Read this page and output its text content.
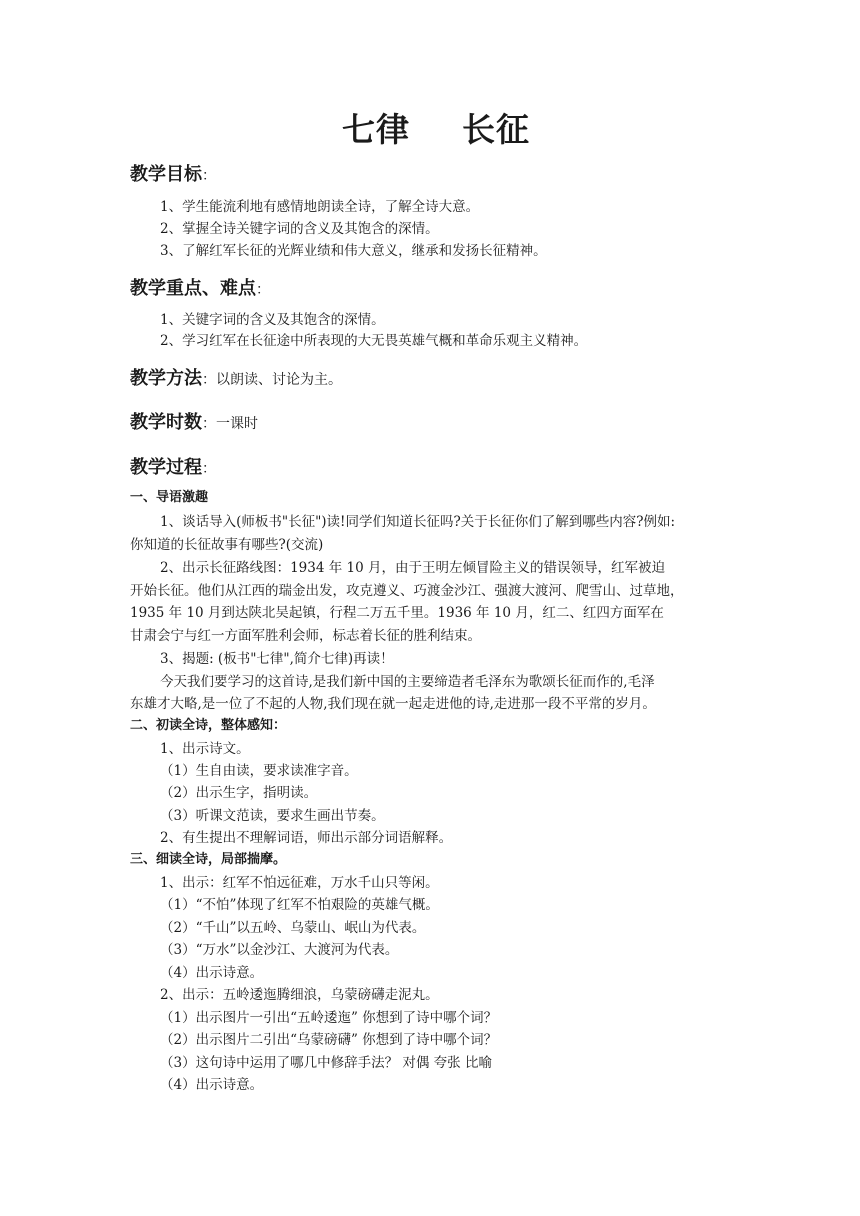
七律 长征
教学目标：
1、学生能流利地有感情地朗读全诗，了解全诗大意。
2、掌握全诗关键字词的含义及其饱含的深情。
3、了解红军长征的光辉业绩和伟大意义，继承和发扬长征精神。
教学重点、难点：
1、关键字词的含义及其饱含的深情。
2、学习红军在长征途中所表现的大无畏英雄气概和革命乐观主义精神。
教学方法：以朗读、讨论为主。
教学时数：一课时
教学过程：
一、导语激趣
1、谈话导入(师板书"长征")读!同学们知道长征吗?关于长征你们了解到哪些内容?例如:
你知道的长征故事有哪些?(交流)
2、出示长征路线图：1934 年 10 月，由于王明左倾冒险主义的错误领导，红军被迫
开始长征。他们从江西的瑞金出发，攻克遵义、巧渡金沙江、强渡大渡河、爬雪山、过草地，
1935 年 10 月到达陕北吴起镇，行程二万五千里。1936 年 10 月，红二、红四方面军在
甘肃会宁与红一方面军胜利会师，标志着长征的胜利结束。
3、揭题: (板书"七律",简介七律)再读！
今天我们要学习的这首诗,是我们新中国的主要缔造者毛泽东为歌颂长征而作的,毛泽
东雄才大略,是一位了不起的人物,我们现在就一起走进他的诗,走进那一段不平常的岁月。
二、初读全诗，整体感知：
1、出示诗文。
（1）生自由读，要求读准字音。
（2）出示生字，指明读。
（3）听课文范读，要求生画出节奏。
2、有生提出不理解词语，师出示部分词语解释。
三、细读全诗，局部揣摩。
1、出示：红军不怕远征难，万水千山只等闲。
（1）“不怕”体现了红军不怕艰险的英雄气概。
（2）“千山”以五岭、乌蒙山、岷山为代表。
（3）“万水”以金沙江、大渡河为代表。
（4）出示诗意。
2、出示：五岭逶迤腾细浪，乌蒙磅礴走泥丸。
（1）出示图片一引出“五岭逶迤” 你想到了诗中哪个词？
（2）出示图片二引出“乌蒙磅礴” 你想到了诗中哪个词？
（3）这句诗中运用了哪几中修辞手法？ 对偶 夸张 比喻
（4）出示诗意。
